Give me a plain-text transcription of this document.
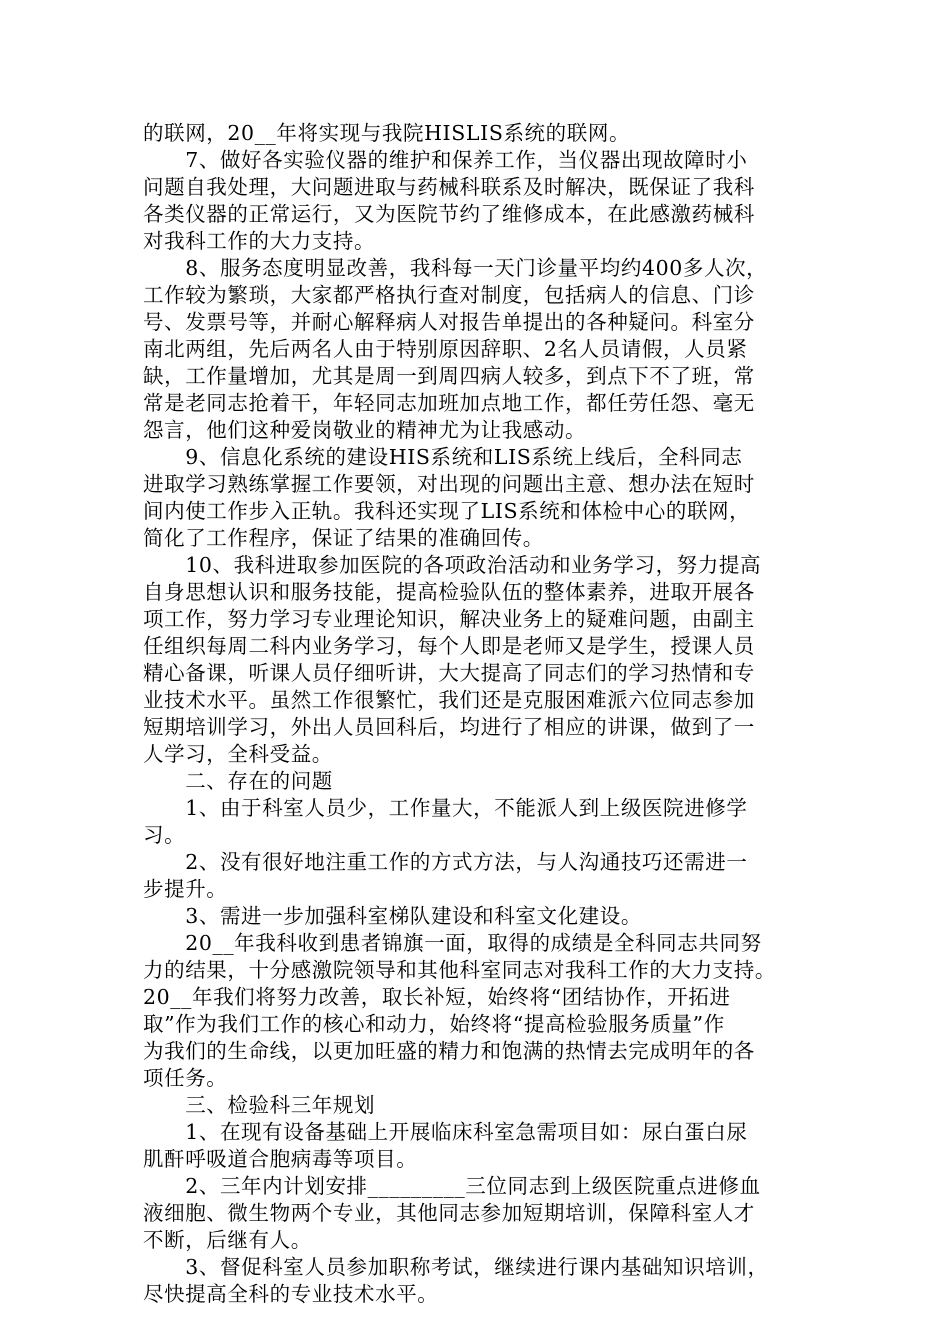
的联网，20__年将实现与我院HISLIS系统的联网。
　　7、做好各实验仪器的维护和保养工作，当仪器出现故障时小
问题自我处理，大问题进取与药械科联系及时解决，既保证了我科
各类仪器的正常运行，又为医院节约了维修成本，在此感激药械科
对我科工作的大力支持。
　　8、服务态度明显改善，我科每一天门诊量平均约400多人次，
工作较为繁琐，大家都严格执行查对制度，包括病人的信息、门诊
号、发票号等，并耐心解释病人对报告单提出的各种疑问。科室分
南北两组，先后两名人由于特别原因辞职、2名人员请假，人员紧
缺，工作量增加，尤其是周一到周四病人较多，到点下不了班，常
常是老同志抢着干，年轻同志加班加点地工作，都任劳任怨、毫无
怨言，他们这种爱岗敬业的精神尤为让我感动。
　　9、信息化系统的建设HIS系统和LIS系统上线后，全科同志
进取学习熟练掌握工作要领，对出现的问题出主意、想办法在短时
间内使工作步入正轨。我科还实现了LIS系统和体检中心的联网，
简化了工作程序，保证了结果的准确回传。
　　10、我科进取参加医院的各项政治活动和业务学习，努力提高
自身思想认识和服务技能，提高检验队伍的整体素养，进取开展各
项工作，努力学习专业理论知识，解决业务上的疑难问题，由副主
任组织每周二科内业务学习，每个人即是老师又是学生，授课人员
精心备课，听课人员仔细听讲，大大提高了同志们的学习热情和专
业技术水平。虽然工作很繁忙，我们还是克服困难派六位同志参加
短期培训学习，外出人员回科后，均进行了相应的讲课，做到了一
人学习，全科受益。
　　二、存在的问题
　　1、由于科室人员少，工作量大，不能派人到上级医院进修学
习。
　　2、没有很好地注重工作的方式方法，与人沟通技巧还需进一
步提升。
　　3、需进一步加强科室梯队建设和科室文化建设。
　　20__年我科收到患者锦旗一面，取得的成绩是全科同志共同努
力的结果，十分感激院领导和其他科室同志对我科工作的大力支持。
20__年我们将努力改善，取长补短，始终将“团结协作，开拓进
取”作为我们工作的核心和动力，始终将“提高检验服务质量”作
为我们的生命线，以更加旺盛的精力和饱满的热情去完成明年的各
项任务。
　　三、检验科三年规划
　　1、在现有设备基础上开展临床科室急需项目如：尿白蛋白尿
肌酐呼吸道合胞病毒等项目。
　　2、三年内计划安排_________三位同志到上级医院重点进修血
液细胞、微生物两个专业，其他同志参加短期培训，保障科室人才
不断，后继有人。
　　3、督促科室人员参加职称考试，继续进行课内基础知识培训，
尽快提高全科的专业技术水平。
